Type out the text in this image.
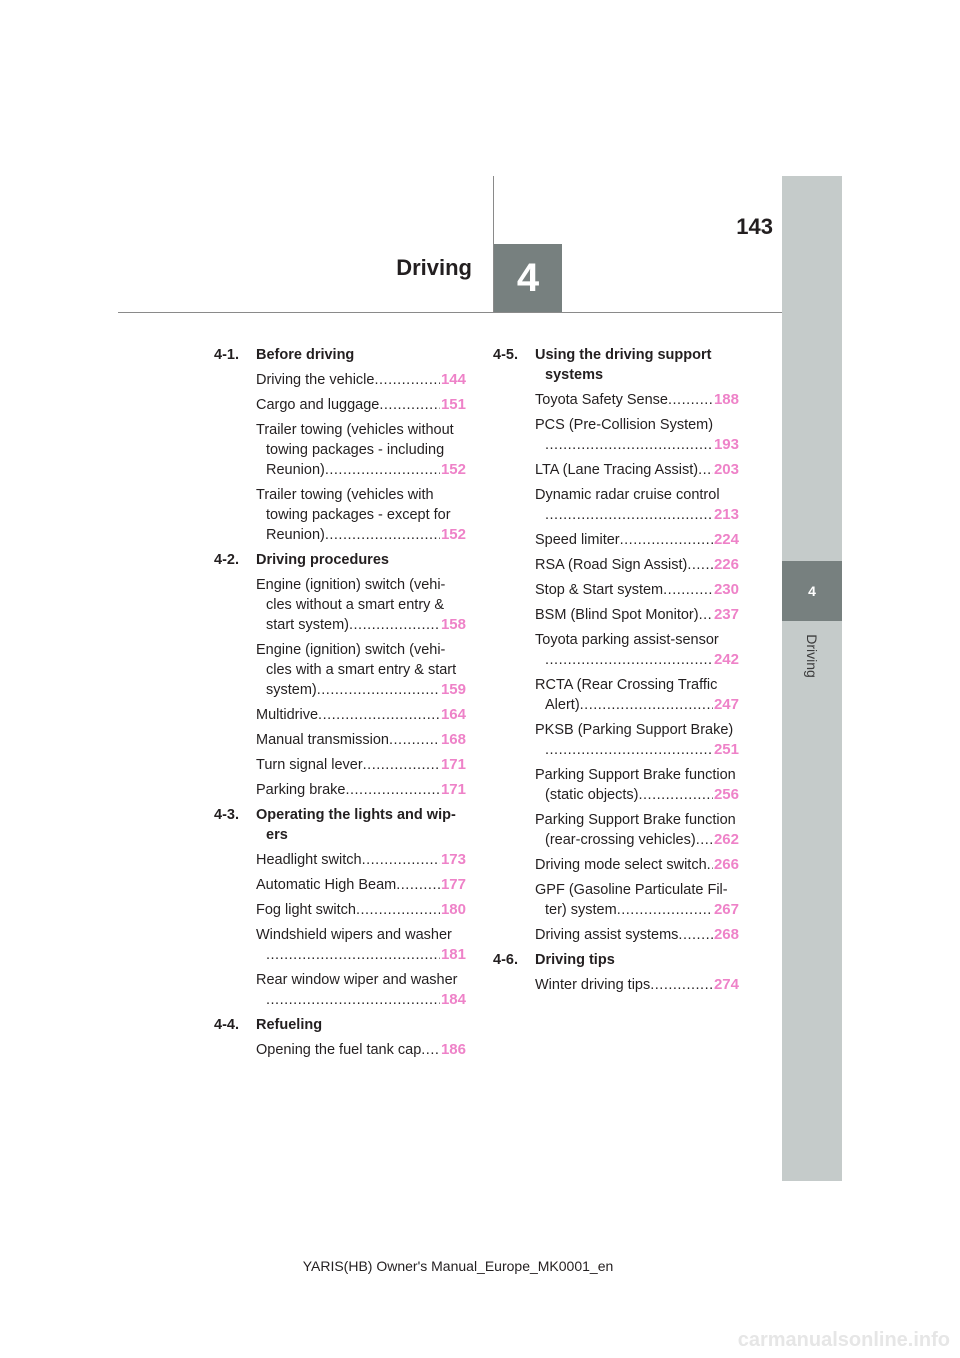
143
Driving	4
4
Driving
4-1.	Before driving
Driving the vehicle .....	144
Cargo and luggage .....	151
Trailer towing (vehicles without
towing packages - including
Reunion) .....	152
Trailer towing (vehicles with
towing packages - except for
Reunion) .....	152
4-2.	Driving procedures
Engine (ignition) switch (vehi-
cles without a smart entry &
start system) .....	158
Engine (ignition) switch (vehi-
cles with a smart entry & start
system) .....	159
Multidrive .....	164
Manual transmission .....	168
Turn signal lever .....	171
Parking brake .....	171
4-3.	Operating the lights and wip-
ers
Headlight switch .....	173
Automatic High Beam .....	177
Fog light switch .....	180
Windshield wipers and washer
.....
181
Rear window wiper and washer
.....
184
4-4.	Refueling
Opening the fuel tank cap ..... 186
4-5.	Using the driving support
systems
Toyota Safety Sense .....	188
PCS (Pre-Collision System)
.....
193
LTA (Lane Tracing Assist) ..... 203
Dynamic radar cruise control
.....
213
Speed limiter .....	224
RSA (Road Sign Assist) ..... 226
Stop & Start system .....	230
BSM (Blind Spot Monitor) ..... 237
Toyota parking assist-sensor
.....
242
RCTA (Rear Crossing Traffic
Alert) .....	247
PKSB (Parking Support Brake)
.....
251
Parking Support Brake function
(static objects) .....	256
Parking Support Brake function
(rear-crossing vehicles) ..... 262
Driving mode select switch ..... 266
GPF (Gasoline Particulate Fil-
ter) system .....	267
Driving assist systems ..... 268
4-6.	Driving tips
Winter driving tips .....	274
YARIS(HB) Owner's Manual_Europe_MK0001_en
carmanualsonline.info
